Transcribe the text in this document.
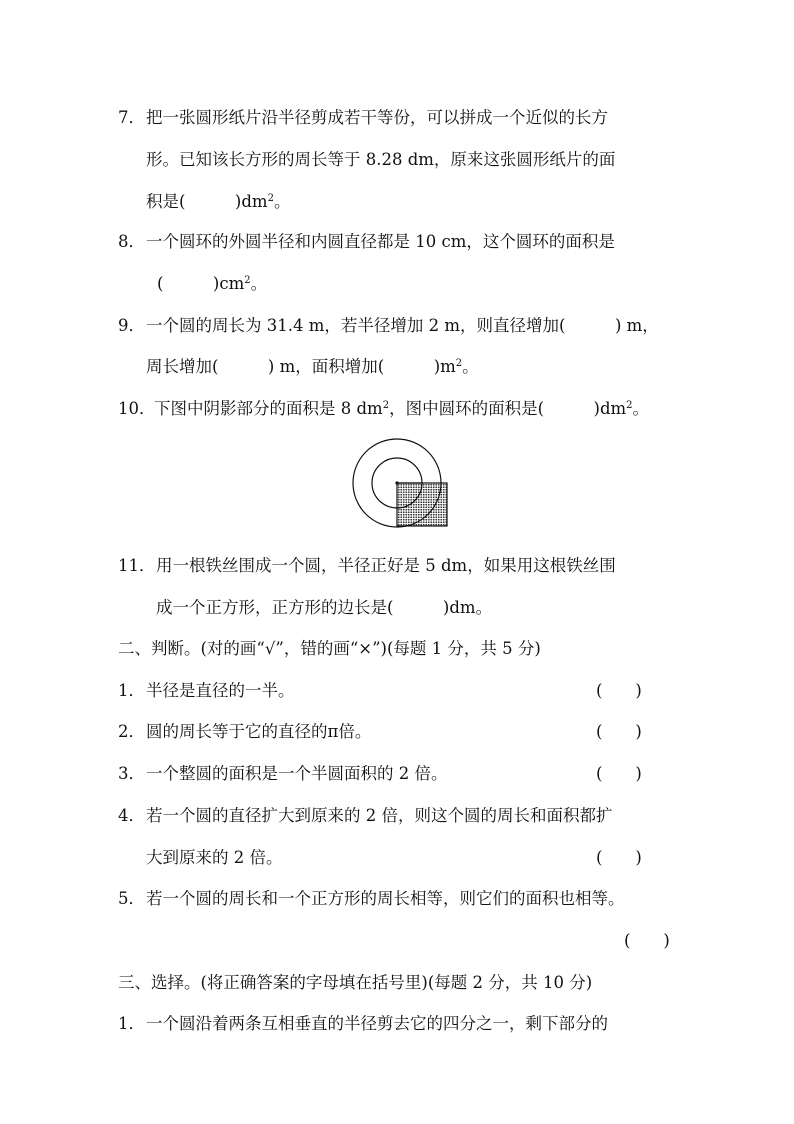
7． 把一张圆形纸片沿半径剪成若干等份，可以拼成一个近似的长方
形。已知该长方形的周长等于 8.28 dm，原来这张圆形纸片的面
积是(　　　)$dm^2$。
8． 一个圆环的外圆半径和内圆直径都是 10 cm，这个圆环的面积是
(　　　)$cm^2$。
9． 一个圆的周长为 31.4 m，若半径增加 2 m，则直径增加(　　　) m，
周长增加(　　　) m，面积增加(　　　)$m^2$。
10．
下图中阴影部分的面积是 8 $dm^2$，图中圆环的面积是(　　　)$dm^2$。
11． 用一根铁丝围成一个圆，半径正好是 5 dm，如果用这根铁丝围
成一个正方形，正方形的边长是(　　　)dm。
二、判断。(对的画“√”，错的画“×”)(每题 1 分，共 5 分)
1． 半径是直径的一半。	(　　)
2． 圆的周长等于它的直径的π倍。	(　　)
3． 一个整圆的面积是一个半圆面积的 2 倍。	(　　)
4． 若一个圆的直径扩大到原来的 2 倍，则这个圆的周长和面积都扩
大到原来的 2 倍。	(　　)
5． 若一个圆的周长和一个正方形的周长相等，则它们的面积也相等。
(　　)
三、选择。(将正确答案的字母填在括号里)(每题 2 分，共 10 分)
1． 一个圆沿着两条互相垂直的半径剪去它的四分之一，剩下部分的
